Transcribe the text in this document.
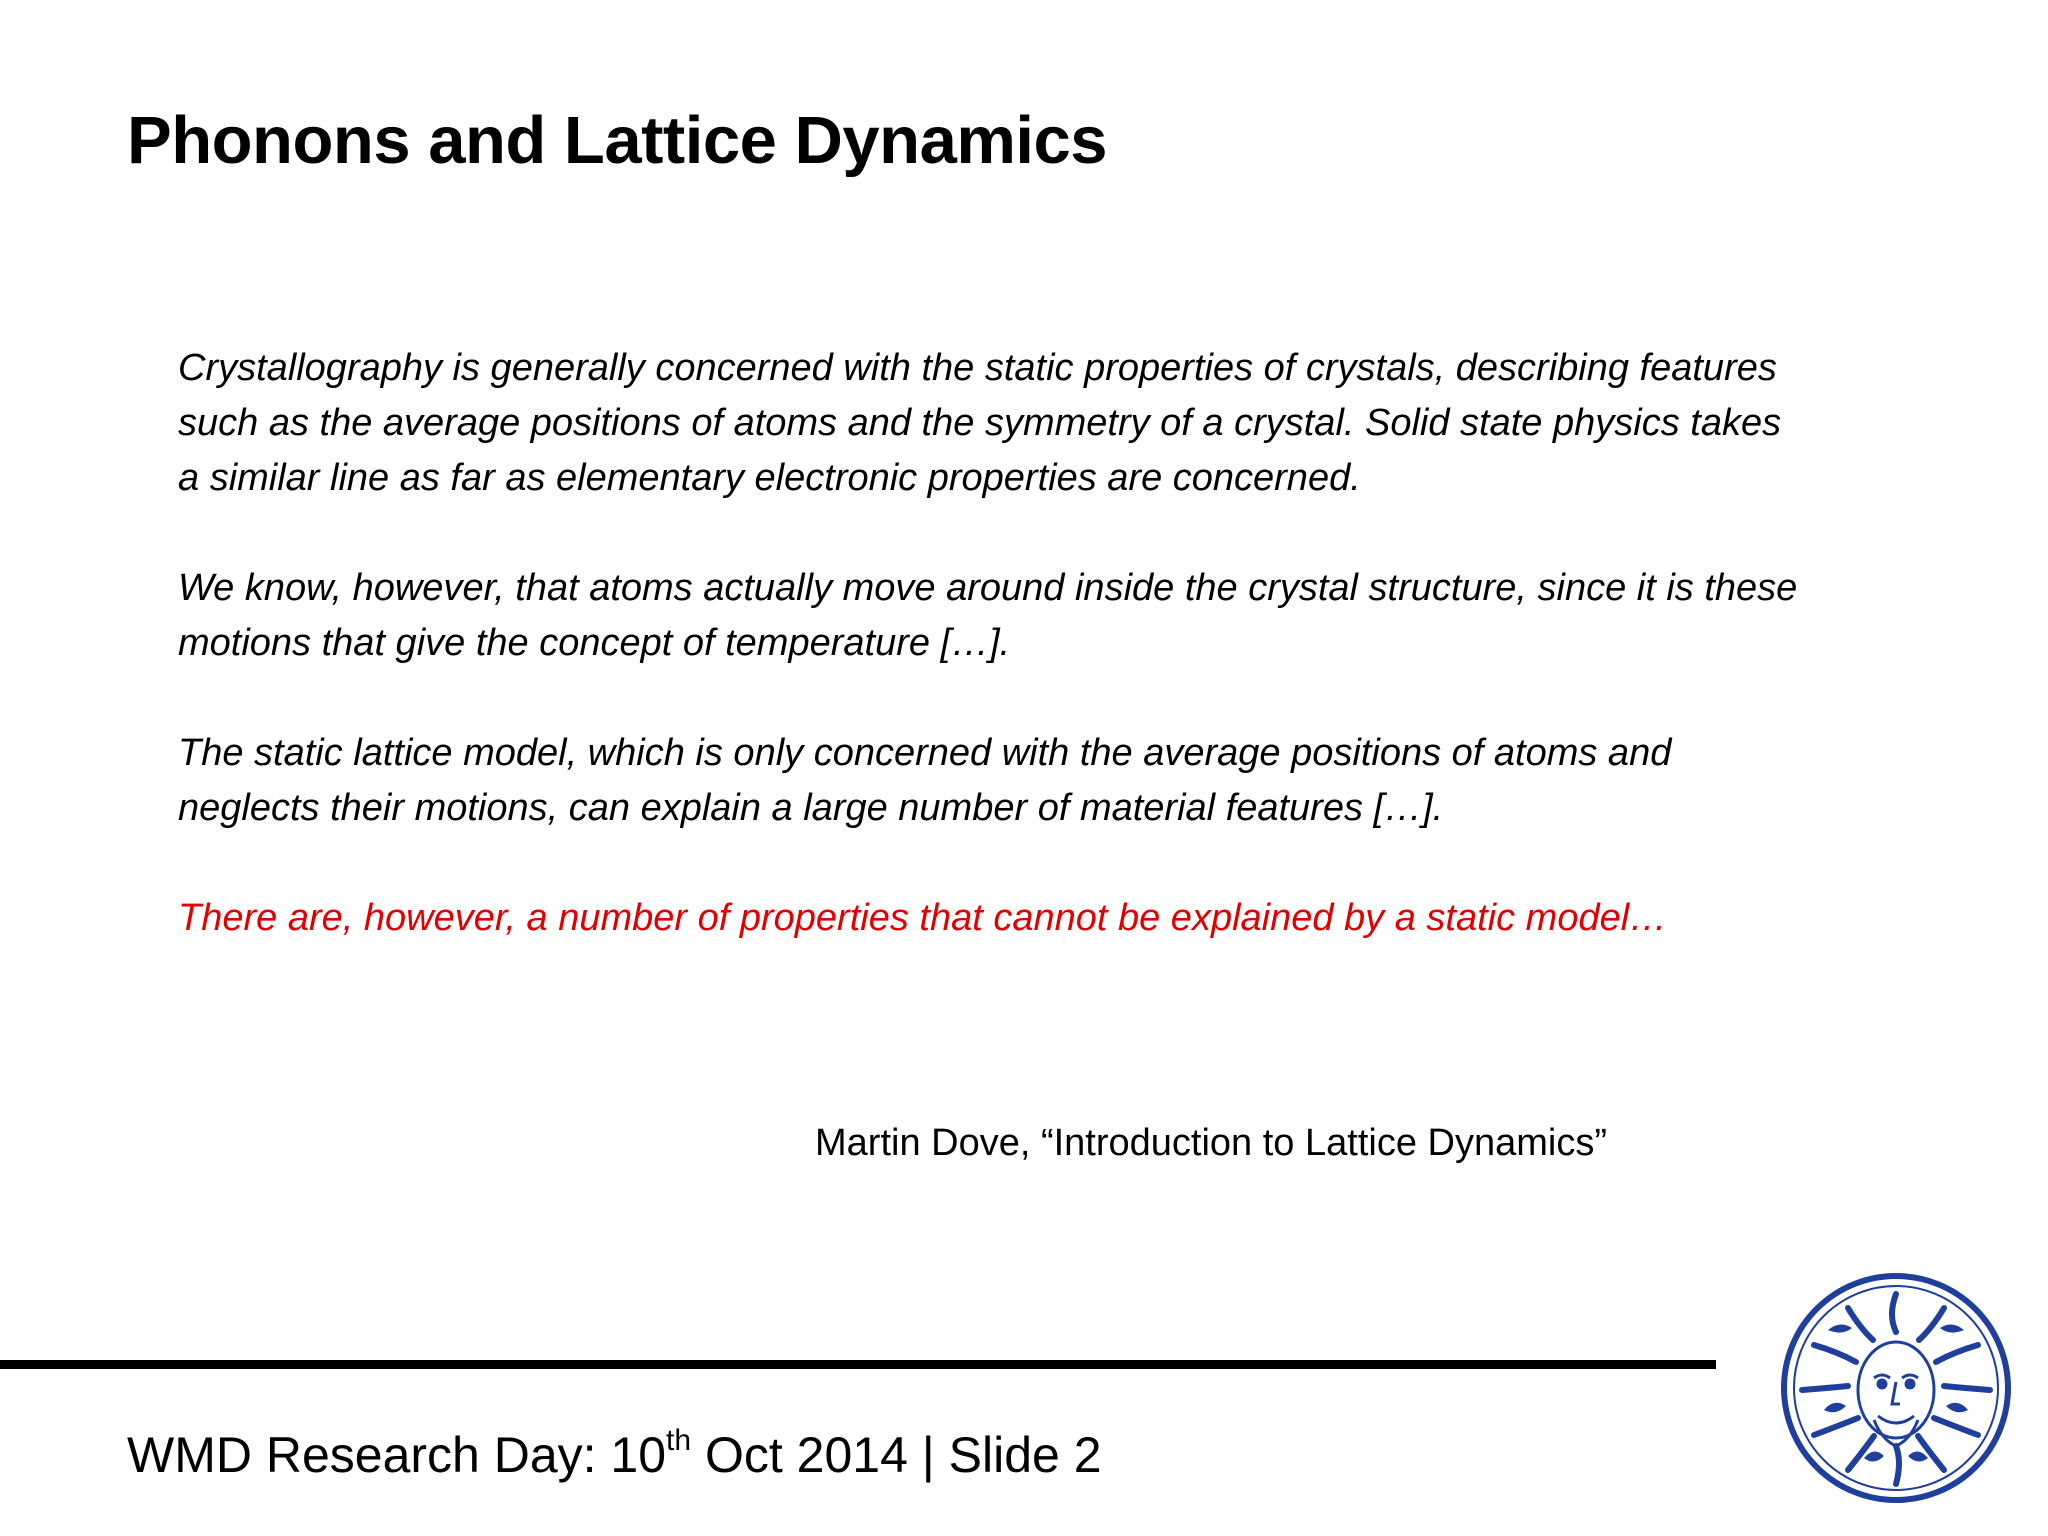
Phonons and Lattice Dynamics

Crystallography is generally concerned with the static properties of crystals, describing features such as the average positions of atoms and the symmetry of a crystal. Solid state physics takes a similar line as far as elementary electronic properties are concerned.

We know, however, that atoms actually move around inside the crystal structure, since it is these motions that give the concept of temperature […].

The static lattice model, which is only concerned with the average positions of atoms and neglects their motions, can explain a large number of material features […].

There are, however, a number of properties that cannot be explained by a static model…

Martin Dove, “Introduction to Lattice Dynamics”
WMD Research Day: 10th Oct 2014 | Slide 2
